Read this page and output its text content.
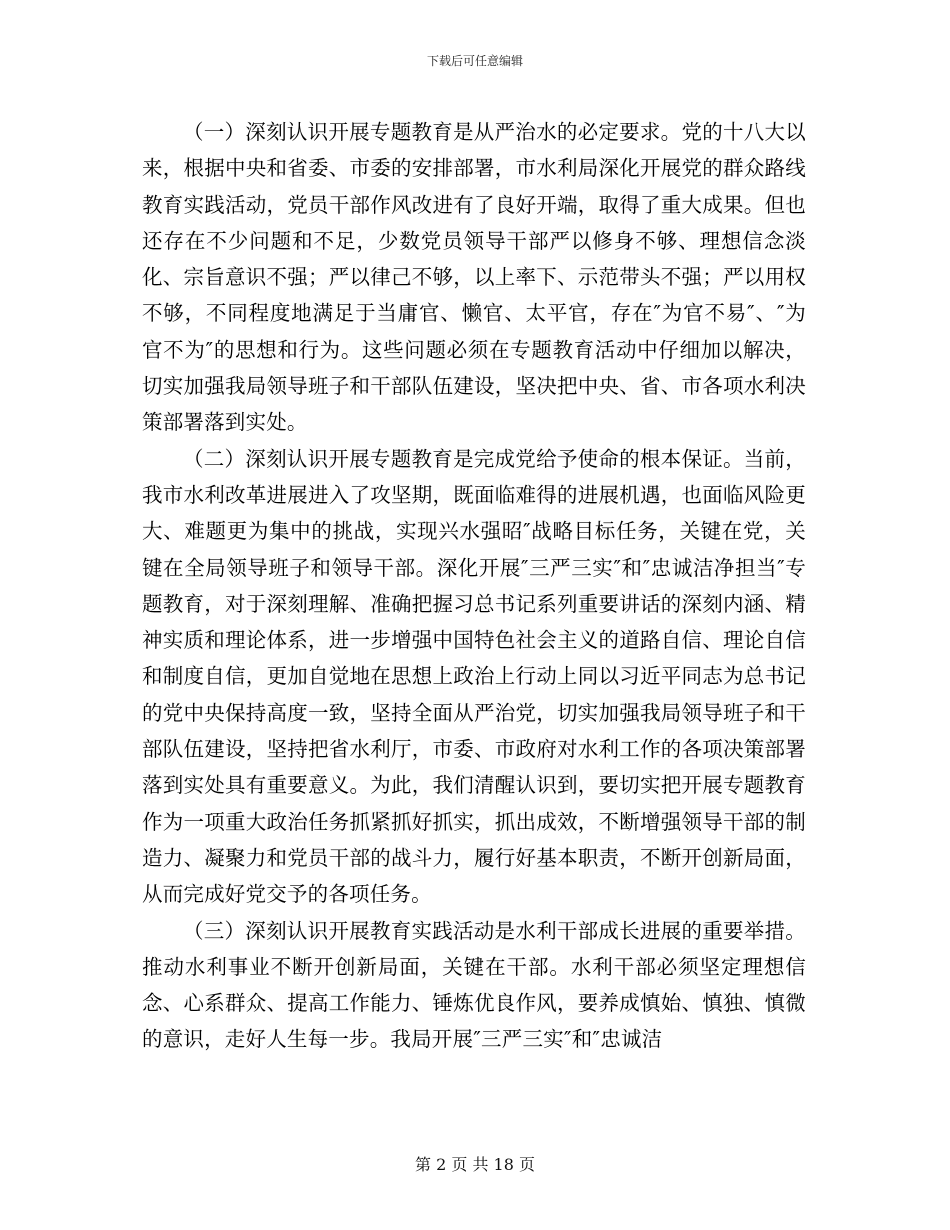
下载后可任意编辑

（一）深刻认识开展专题教育是从严治水的必定要求。党的十八大以来，根据中央和省委、市委的安排部署，市水利局深化开展党的群众路线教育实践活动，党员干部作风改进有了良好开端，取得了重大成果。但也还存在不少问题和不足，少数党员领导干部严以修身不够、理想信念淡化、宗旨意识不强；严以律己不够，以上率下、示范带头不强；严以用权不够，不同程度地满足于当庸官、懒官、太平官，存在″为官不易″、″为官不为″的思想和行为。这些问题必须在专题教育活动中仔细加以解决，切实加强我局领导班子和干部队伍建设，坚决把中央、省、市各项水利决策部署落到实处。

（二）深刻认识开展专题教育是完成党给予使命的根本保证。当前，我市水利改革进展进入了攻坚期，既面临难得的进展机遇，也面临风险更大、难题更为集中的挑战，实现兴水强昭″战略目标任务，关键在党，关键在全局领导班子和领导干部。深化开展″三严三实″和″忠诚洁净担当″专题教育，对于深刻理解、准确把握习总书记系列重要讲话的深刻内涵、精神实质和理论体系，进一步增强中国特色社会主义的道路自信、理论自信和制度自信，更加自觉地在思想上政治上行动上同以习近平同志为总书记的党中央保持高度一致，坚持全面从严治党，切实加强我局领导班子和干部队伍建设，坚持把省水利厅，市委、市政府对水利工作的各项决策部署落到实处具有重要意义。为此，我们清醒认识到，要切实把开展专题教育作为一项重大政治任务抓紧抓好抓实，抓出成效，不断增强领导干部的制造力、凝聚力和党员干部的战斗力，履行好基本职责，不断开创新局面，从而完成好党交予的各项任务。

（三）深刻认识开展教育实践活动是水利干部成长进展的重要举措。推动水利事业不断开创新局面，关键在干部。水利干部必须坚定理想信念、心系群众、提高工作能力、锤炼优良作风，要养成慎始、慎独、慎微的意识，走好人生每一步。我局开展″三严三实″和″忠诚洁

第 2 页 共 18 页
